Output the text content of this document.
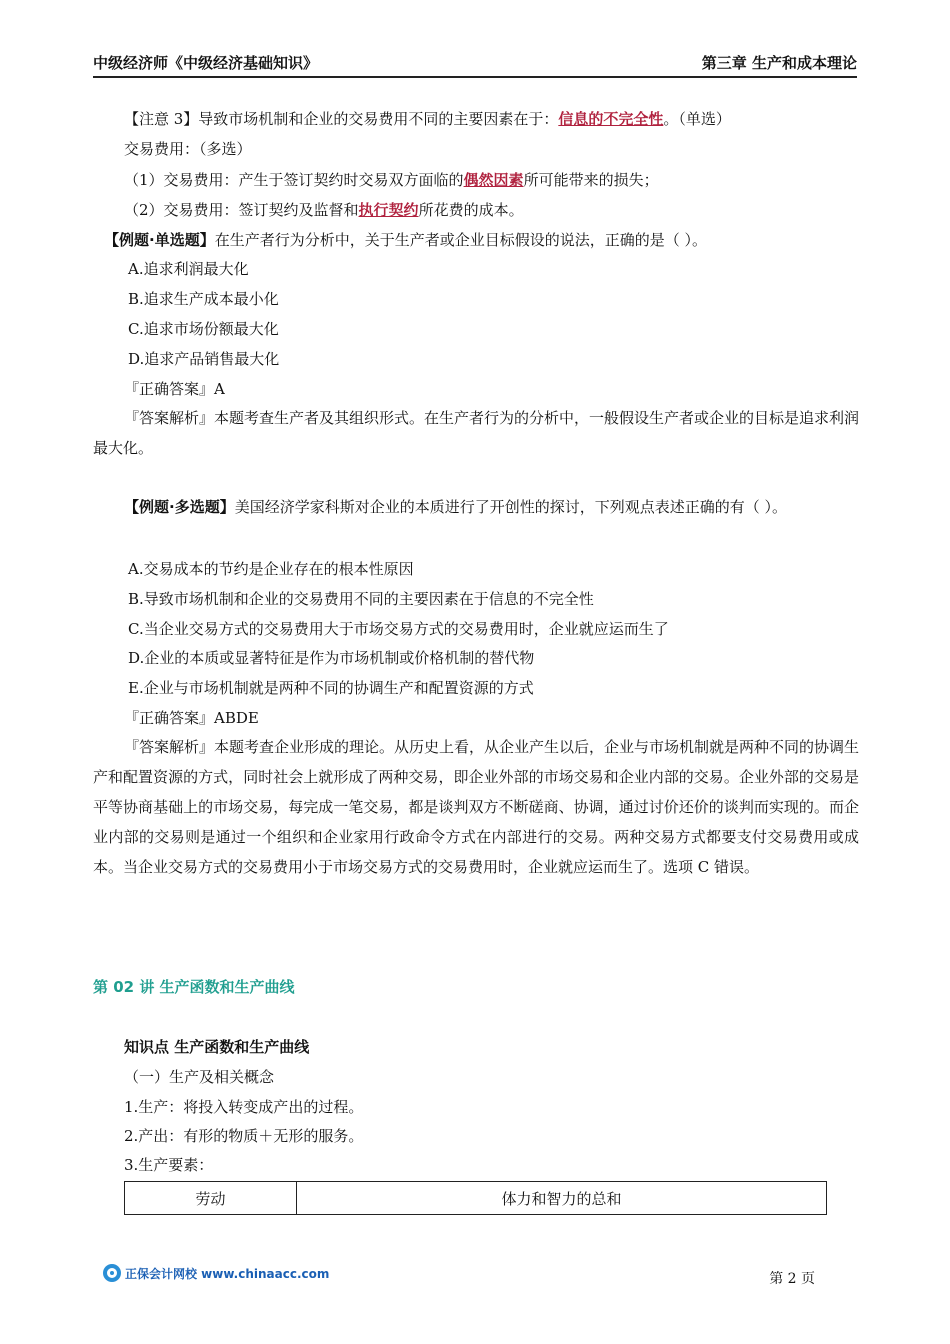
中级经济师《中级经济基础知识》	第三章 生产和成本理论
【注意 3】导致市场机制和企业的交易费用不同的主要因素在于：信息的不完全性。（单选）
交易费用：（多选）
（1）交易费用：产生于签订契约时交易双方面临的偶然因素所可能带来的损失；
（2）交易费用：签订契约及监督和执行契约所花费的成本。
【例题·单选题】在生产者行为分析中，关于生产者或企业目标假设的说法，正确的是（ ）。
A.追求利润最大化
B.追求生产成本最小化
C.追求市场份额最大化
D.追求产品销售最大化
『正确答案』A
『答案解析』本题考查生产者及其组织形式。在生产者行为的分析中，一般假设生产者或企业的目标是追求利润最大化。
【例题·多选题】美国经济学家科斯对企业的本质进行了开创性的探讨，下列观点表述正确的有（ ）。
A.交易成本的节约是企业存在的根本性原因
B.导致市场机制和企业的交易费用不同的主要因素在于信息的不完全性
C.当企业交易方式的交易费用大于市场交易方式的交易费用时，企业就应运而生了
D.企业的本质或显著特征是作为市场机制或价格机制的替代物
E.企业与市场机制就是两种不同的协调生产和配置资源的方式
『正确答案』ABDE
『答案解析』本题考查企业形成的理论。从历史上看，从企业产生以后，企业与市场机制就是两种不同的协调生产和配置资源的方式，同时社会上就形成了两种交易，即企业外部的市场交易和企业内部的交易。企业外部的交易是平等协商基础上的市场交易，每完成一笔交易，都是谈判双方不断磋商、协调，通过讨价还价的谈判而实现的。而企业内部的交易则是通过一个组织和企业家用行政命令方式在内部进行的交易。两种交易方式都要支付交易费用或成本。当企业交易方式的交易费用小于市场交易方式的交易费用时，企业就应运而生了。选项 C 错误。
第 02 讲 生产函数和生产曲线
知识点 生产函数和生产曲线
（一）生产及相关概念
1.生产：将投入转变成产出的过程。
2.产出：有形的物质＋无形的服务。
3.生产要素：
劳动	体力和智力的总和
正保会计网校 www.chinaacc.com	第 2 页
